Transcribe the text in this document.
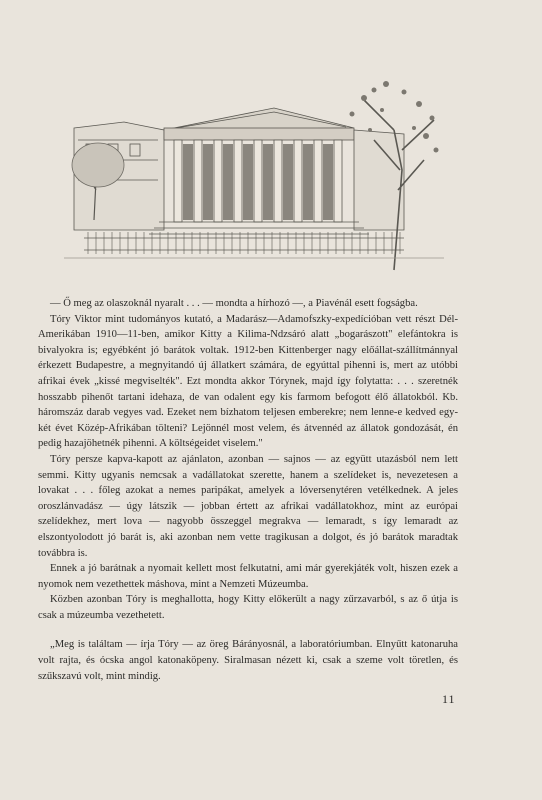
— Ő meg az olaszoknál nyaralt . . . — mondta a hírhozó —, a Piavénál esett fogságba.

Tóry Viktor mint tudományos kutató, a Madarász—Adamofszky-expedícióban vett részt Dél-Amerikában 1910—11-ben, amikor Kitty a Kilima-Ndzsáró alatt „bogarászott" elefántokra is bivalyokra is; egyébként jó barátok voltak. 1912-ben Kittenberger nagy előállat-szállítmánnyal érkezett Budapestre, a megnyitandó új állatkert számára, de egyúttal pihenni is, mert az utóbbi afrikai évek „kissé megviselték". Ezt mondta akkor Tórynek, majd így folytatta: . . . szeretnék hosszabb pihenőt tartani idehaza, de van odalent egy kis farmom befogott élő állatokból. Kb. háromszáz darab vegyes vad. Ezeket nem bízhatom teljesen emberekre; nem lenne-e kedved egy-két évet Közép-Afrikában tölteni? Lejönnél most velem, és átvennéd az állatok gondozását, én pedig hazajöhetnék pihenni. A költségeidet viselem."

Tóry persze kapva-kapott az ajánlaton, azonban — sajnos — az együtt utazásból nem lett semmi. Kitty ugyanis nemcsak a vadállatokat szerette, hanem a szelídeket is, nevezetesen a lovakat . . . főleg azokat a nemes paripákat, amelyek a lóversenytéren vetélkednek. A jeles oroszlánvadász — úgy látszik — jobban értett az afrikai vadállatokhoz, mint az európai szelídekhez, mert lova — nagyobb összeggel megrakva — lemaradt, s így lemaradt az elszontyolodott jó barát is, aki azonban nem vette tragikusan a dolgot, és jó barátok maradtak továbbra is.

Ennek a jó barátnak a nyomait kellett most felkutatni, ami már gyerekjáték volt, hiszen ezek a nyomok nem vezethettek máshova, mint a Nemzeti Múzeumba.

Közben azonban Tóry is meghallotta, hogy Kitty előkerült a nagy zűrzavarból, s az ő útja is csak a múzeumba vezethetett.

„Meg is találtam — írja Tóry — az öreg Bárányosnál, a laboratóriumban. Elnyűtt katonaruha volt rajta, és ócska angol katonaköpeny. Siralmasan nézett ki, csak a szeme volt töretlen, és szűkszavú volt, mint mindig.

11
